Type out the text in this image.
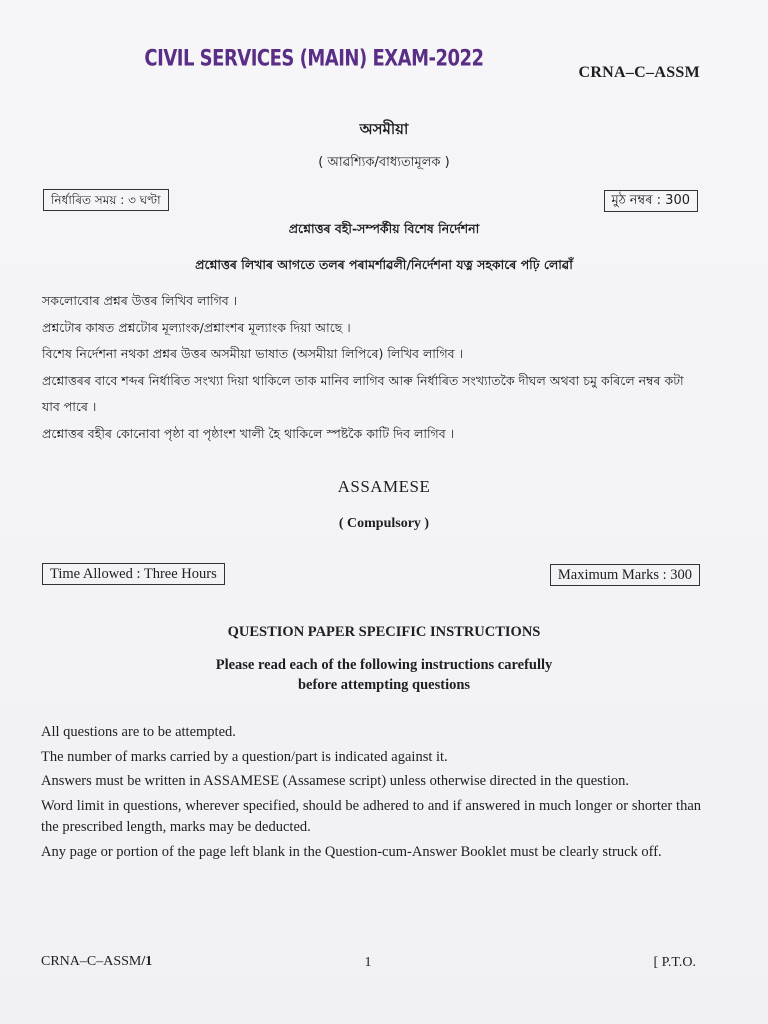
CIVIL SERVICES (MAIN) EXAM-2022
CRNA–C–ASSM
অসমীয়া
( আৱশ্যিক/বাধ্যতামূলক )
নিৰ্ধাৰিত সময় : ৩ ঘণ্টা	মুঠ নম্বৰ : 300
প্ৰশ্নোত্তৰ বহী-সম্পৰ্কীয় বিশেষ নিৰ্দেশনা
প্ৰশ্নোত্তৰ লিখাৰ আগতে তলৰ পৰামৰ্শাৱলী/নিৰ্দেশনা যত্ন সহকাৰে পঢ়ি লোৱাঁ
সকলোবোৰ প্ৰশ্নৰ উত্তৰ লিখিব লাগিব ।
প্ৰশ্নটোৰ কাষত প্ৰশ্নটোৰ মূল্যাংক/প্ৰশ্নাংশৰ মূল্যাংক দিয়া আছে ।
বিশেষ নিৰ্দেশনা নথকা প্ৰশ্নৰ উত্তৰ অসমীয়া ভাষাত (অসমীয়া লিপিৰে) লিখিব লাগিব ।
প্ৰশ্নোত্তৰৰ বাবে শব্দৰ নিৰ্ধাৰিত সংখ্যা দিয়া থাকিলে তাক মানিব লাগিব আৰু নিৰ্ধাৰিত সংখ্যাতকৈ দীঘল অথবা চমু কৰিলে নম্বৰ কটা যাব পাৰে ।
প্ৰশ্নোত্তৰ বহীৰ কোনোবা পৃষ্ঠা বা পৃষ্ঠাংশ খালী হৈ থাকিলে স্পষ্টকৈ কাটি দিব লাগিব ।
ASSAMESE
( Compulsory )
Time Allowed : Three Hours	Maximum Marks : 300
QUESTION PAPER SPECIFIC INSTRUCTIONS
Please read each of the following instructions carefully
before attempting questions
All questions are to be attempted.
The number of marks carried by a question/part is indicated against it.
Answers must be written in ASSAMESE (Assamese script) unless otherwise directed in the question.
Word limit in questions, wherever specified, should be adhered to and if answered in much longer or shorter than the prescribed length, marks may be deducted.
Any page or portion of the page left blank in the Question-cum-Answer Booklet must be clearly struck off.
CRNA–C–ASSM/1	1	[ P.T.O.
